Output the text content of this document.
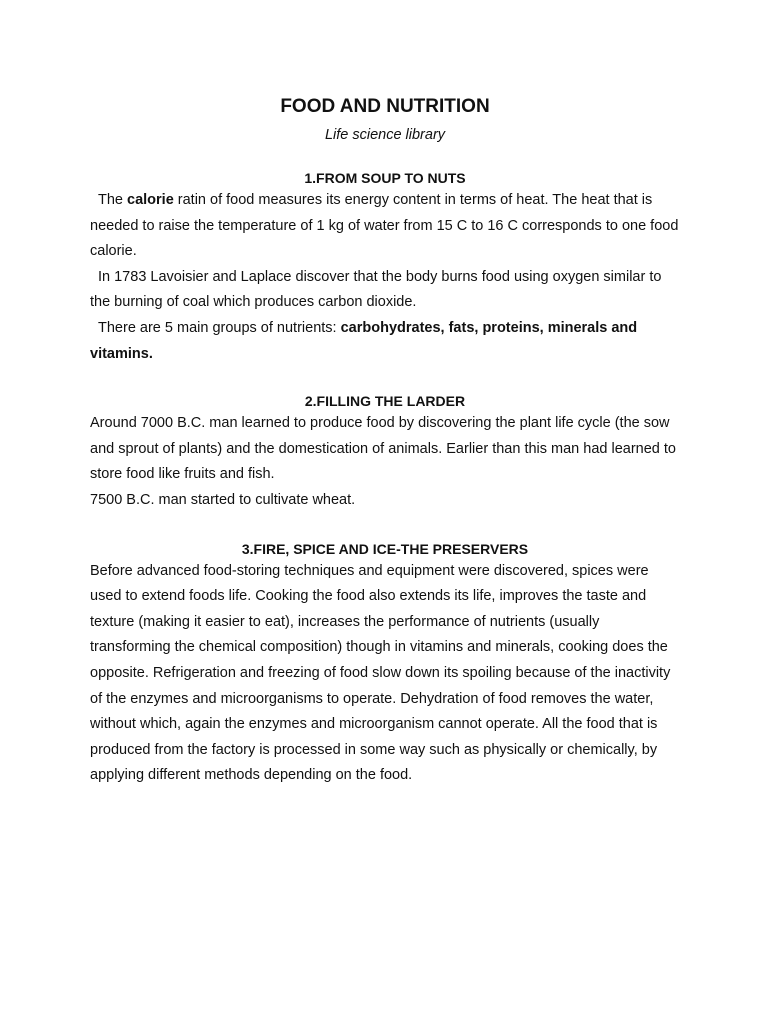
FOOD AND NUTRITION
Life science library
1.FROM SOUP TO NUTS

The calorie ratin of food measures its energy content in terms of heat. The heat that is needed to raise the temperature of 1 kg of water from 15 C to 16 C corresponds to one food calorie.

In 1783 Lavoisier and Laplace discover that the body burns food using oxygen similar to the burning of coal which produces carbon dioxide.

There are 5 main groups of nutrients: carbohydrates, fats, proteins, minerals and vitamins.

2.FILLING THE LARDER

Around 7000 B.C. man learned to produce food by discovering the plant life cycle (the sow and sprout of plants) and the domestication of animals. Earlier than this man had learned to store food like fruits and fish.

7500 B.C. man started to cultivate wheat.

3.FIRE, SPICE AND ICE-THE PRESERVERS

Before advanced food-storing techniques and equipment were discovered, spices were used to extend foods life. Cooking the food also extends its life, improves the taste and texture (making it easier to eat), increases the performance of nutrients (usually transforming the chemical composition) though in vitamins and minerals, cooking does the opposite. Refrigeration and freezing of food slow down its spoiling because of the inactivity of the enzymes and microorganisms to operate. Dehydration of food removes the water, without which, again the enzymes and microorganism cannot operate. All the food that is produced from the factory is processed in some way such as physically or chemically, by applying different methods depending on the food.
